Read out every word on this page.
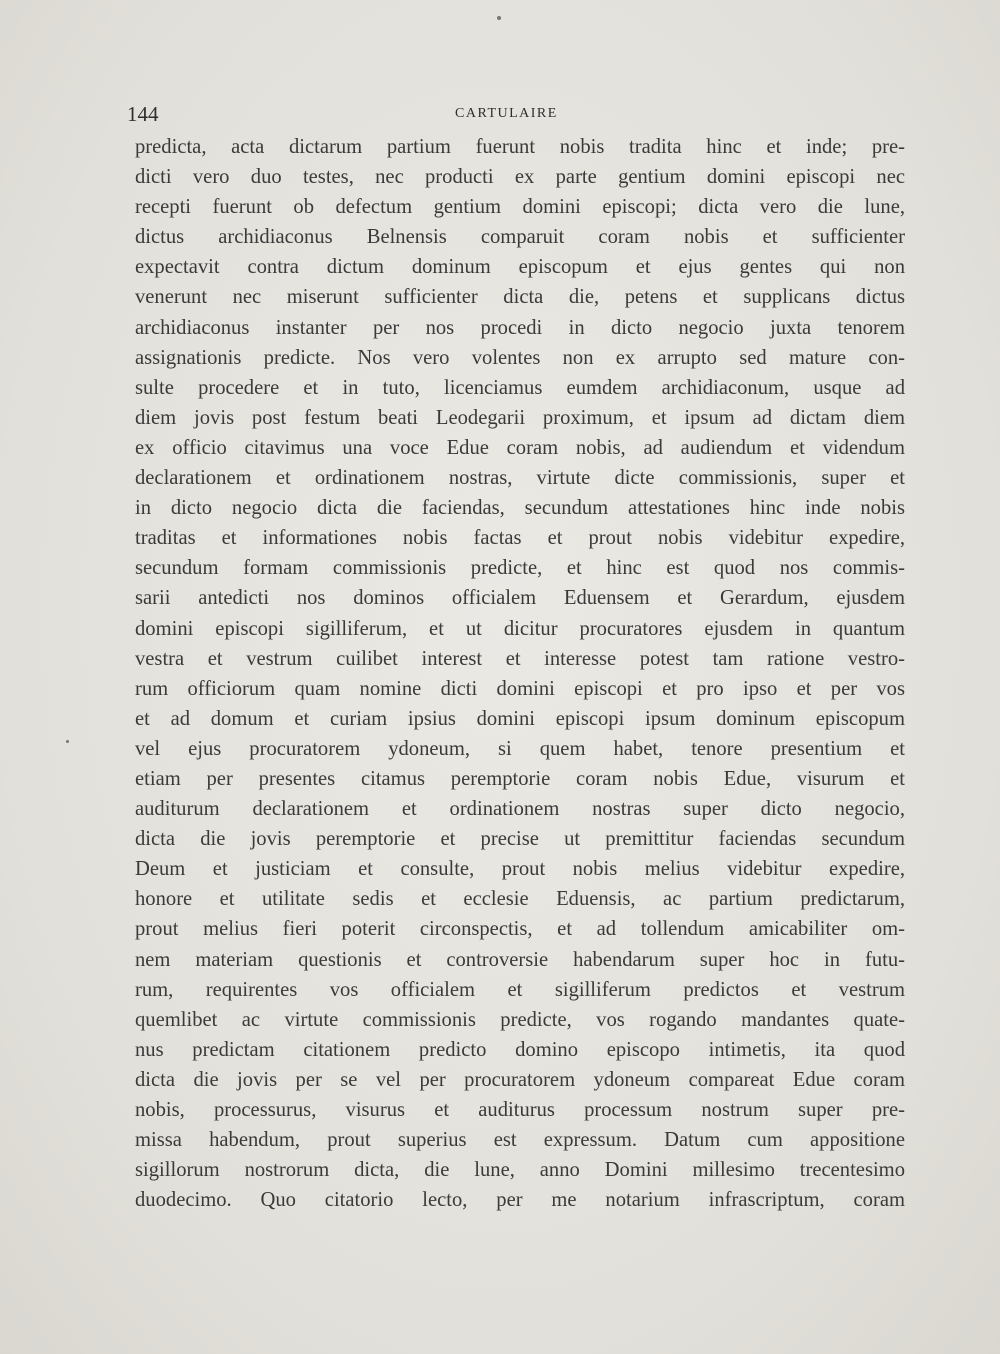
144	CARTULAIRE
predicta, acta dictarum partium fuerunt nobis tradita hinc et inde; pre-
dicti vero duo testes, nec producti ex parte gentium domini episcopi nec
recepti fuerunt ob defectum gentium domini episcopi; dicta vero die lune,
dictus archidiaconus Belnensis comparuit coram nobis et sufficienter
expectavit contra dictum dominum episcopum et ejus gentes qui non
venerunt nec miserunt sufficienter dicta die, petens et supplicans dictus
archidiaconus instanter per nos procedi in dicto negocio juxta tenorem
assignationis predicte. Nos vero volentes non ex arrupto sed mature con-
sulte procedere et in tuto, licenciamus eumdem archidiaconum, usque ad
diem jovis post festum beati Leodegarii proximum, et ipsum ad dictam diem
ex officio citavimus una voce Edue coram nobis, ad audiendum et videndum
declarationem et ordinationem nostras, virtute dicte commissionis, super et
in dicto negocio dicta die faciendas, secundum attestationes hinc inde nobis
traditas et informationes nobis factas et prout nobis videbitur expedire,
secundum formam commissionis predicte, et hinc est quod nos commis-
sarii antedicti nos dominos officialem Eduensem et Gerardum, ejusdem
domini episcopi sigilliferum, et ut dicitur procuratores ejusdem in quantum
vestra et vestrum cuilibet interest et interesse potest tam ratione vestro-
rum officiorum quam nomine dicti domini episcopi et pro ipso et per vos
et ad domum et curiam ipsius domini episcopi ipsum dominum episcopum
vel ejus procuratorem ydoneum, si quem habet, tenore presentium et
etiam per presentes citamus peremptorie coram nobis Edue, visurum et
auditurum declarationem et ordinationem nostras super dicto negocio,
dicta die jovis peremptorie et precise ut premittitur faciendas secundum
Deum et justiciam et consulte, prout nobis melius videbitur expedire,
honore et utilitate sedis et ecclesie Eduensis, ac partium predictarum,
prout melius fieri poterit circonspectis, et ad tollendum amicabiliter om-
nem materiam questionis et controversie habendarum super hoc in futu-
rum, requirentes vos officialem et sigilliferum predictos et vestrum
quemlibet ac virtute commissionis predicte, vos rogando mandantes quate-
nus predictam citationem predicto domino episcopo intimetis, ita quod
dicta die jovis per se vel per procuratorem ydoneum compareat Edue coram
nobis, processurus, visurus et auditurus processum nostrum super pre-
missa habendum, prout superius est expressum. Datum cum appositione
sigillorum nostrorum dicta, die lune, anno Domini millesimo trecentesimo
duodecimo. Quo citatorio lecto, per me notarium infrascriptum, coram
